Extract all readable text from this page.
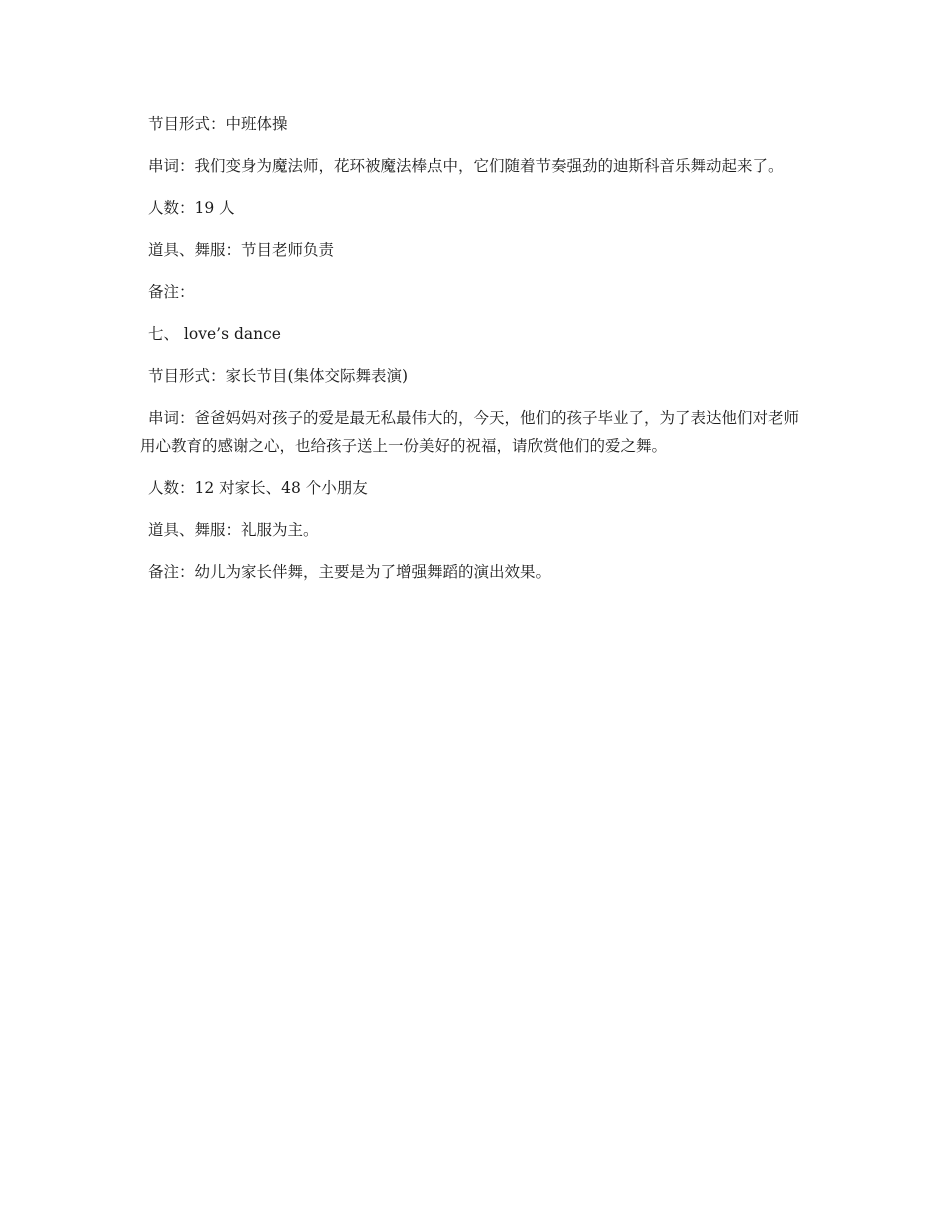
节目形式：中班体操

串词：我们变身为魔法师，花环被魔法棒点中，它们随着节奏强劲的迪斯科音乐舞动起来了。

人数：19 人

道具、舞服：节目老师负责

备注：

七、 love’s dance

节目形式：家长节目(集体交际舞表演)

串词：爸爸妈妈对孩子的爱是最无私最伟大的，今天，他们的孩子毕业了，为了表达他们对老师用心教育的感谢之心，也给孩子送上一份美好的祝福，请欣赏他们的爱之舞。

人数：12 对家长、48 个小朋友

道具、舞服：礼服为主。

备注：幼儿为家长伴舞，主要是为了增强舞蹈的演出效果。
